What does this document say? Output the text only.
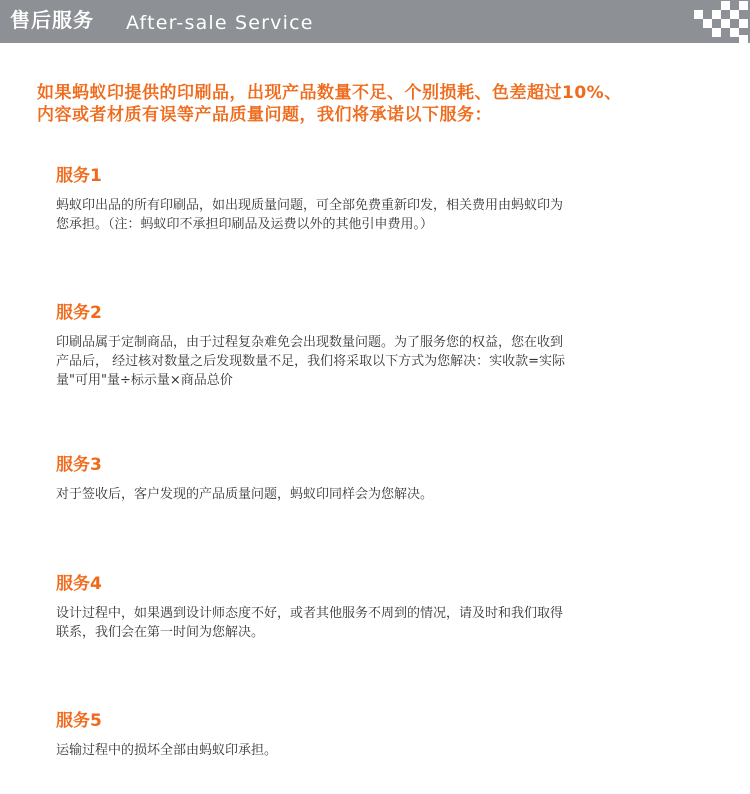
售后服务 After-sale Service

如果蚂蚁印提供的印刷品，出现产品数量不足、个别损耗、色差超过10%、

内容或者材质有误等产品质量问题，我们将承诺以下服务：

服务1

蚂蚁印出品的所有印刷品，如出现质量问题，可全部免费重新印发，相关费用由蚂蚁印为

您承担。（注：蚂蚁印不承担印刷品及运费以外的其他引申费用。）

服务2

印刷品属于定制商品，由于过程复杂难免会出现数量问题。为了服务您的权益，您在收到

产品后， 经过核对数量之后发现数量不足，我们将采取以下方式为您解决：实收款=实际

量"可用"量÷标示量×商品总价

服务3

对于签收后，客户发现的产品质量问题，蚂蚁印同样会为您解决。

服务4

设计过程中，如果遇到设计师态度不好，或者其他服务不周到的情况，请及时和我们取得

联系，我们会在第一时间为您解决。

服务5

运输过程中的损坏全部由蚂蚁印承担。
